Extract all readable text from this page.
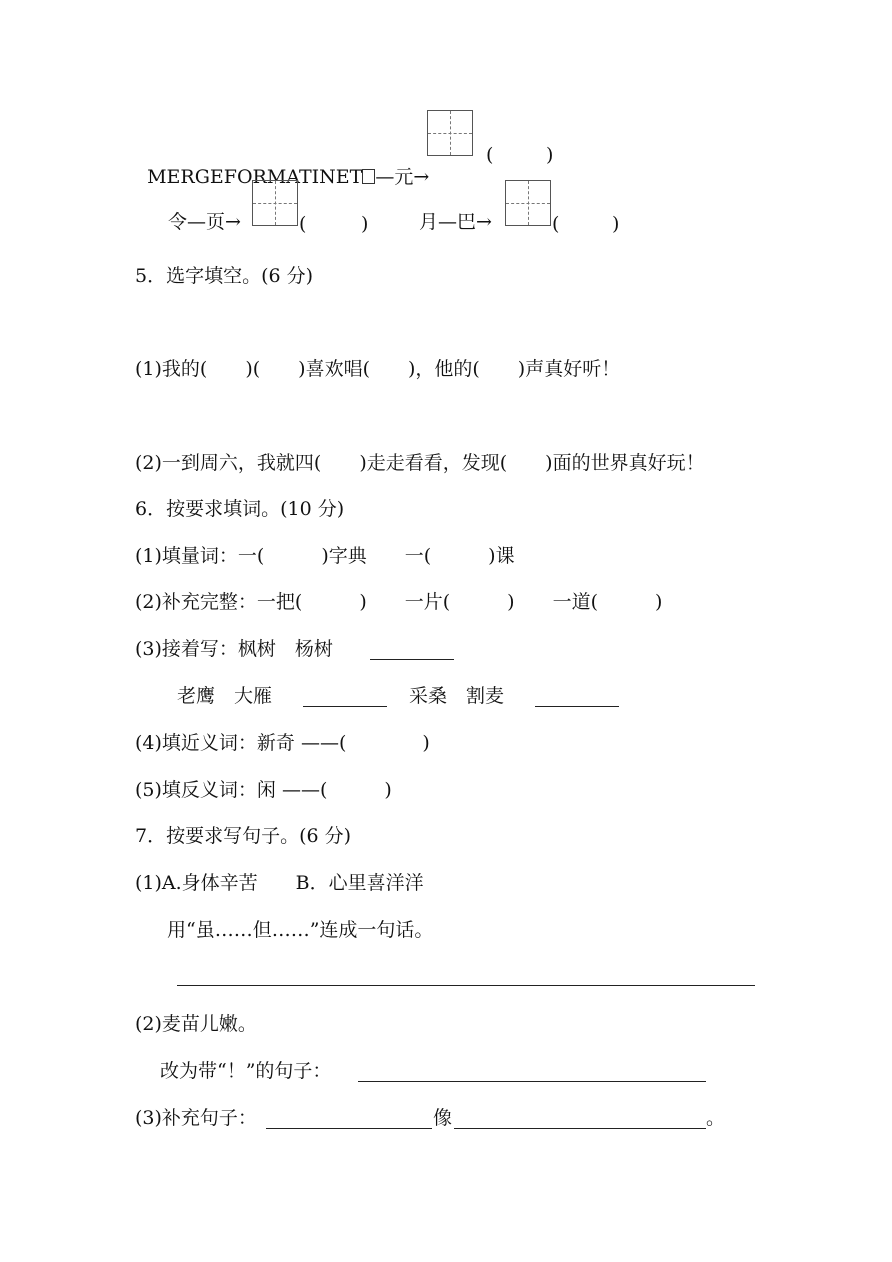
MERGEFORMATINET —元→

(	)
令—页→	(	)	月—巴→	(	)
5．选字填空。(6 分)
(1)我的(　　)(　　)喜欢唱(　　)，他的(　　)声真好听！
(2)一到周六，我就四(　　)走走看看，发现(　　)面的世界真好玩！
6．按要求填词。(10 分)
(1)填量词：一(　　　)字典　　一(　　　)课
(2)补充完整：一把(　　　)　　一片(　　　)　　一道(　　　)
(3)接着写：枫树　杨树
老鹰　大雁	采桑　割麦
(4)填近义词：新奇 ——(　　　　)
(5)填反义词：闲 ——(　　　)
7．按要求写句子。(6 分)
(1)A.身体辛苦　　B．心里喜洋洋
用“虽……但……”连成一句话。
(2)麦苗儿嫩。
改为带“！”的句子：
(3)补充句子：	像	。
